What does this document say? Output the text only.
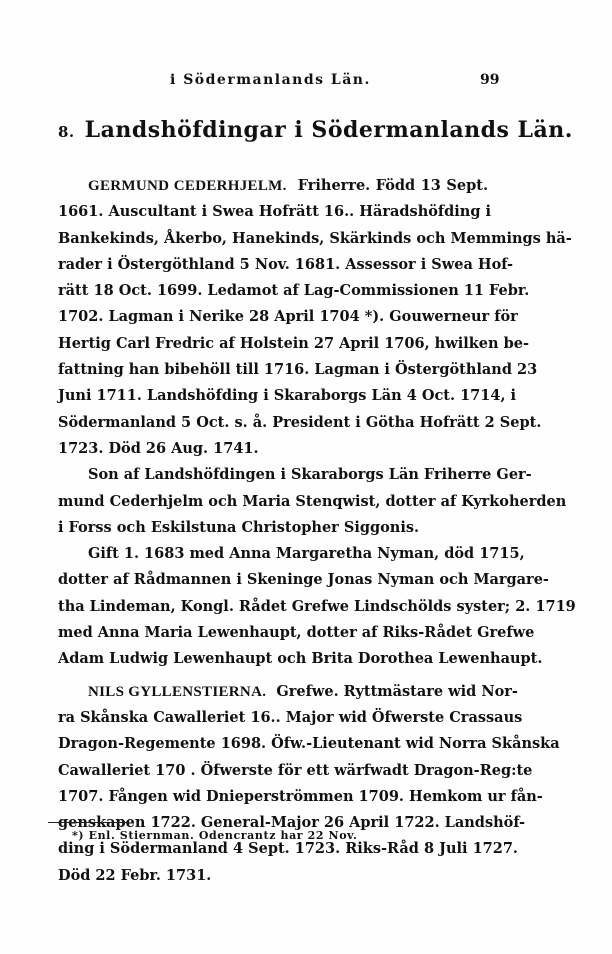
i Södermanlands Län.	99
8. Landshöfdingar i Södermanlands Län.
GERMUND CEDERHJELM. Friherre. Född 13 Sept.
1661. Auscultant i Swea Hofrätt 16.. Häradshöfding i
Bankekinds, Åkerbo, Hanekinds, Skärkinds och Memmings hä-
rader i Östergöthland 5 Nov. 1681. Assessor i Swea Hof-
rätt 18 Oct. 1699. Ledamot af Lag-Commissionen 11 Febr.
1702. Lagman i Nerike 28 April 1704 *). Gouwerneur för
Hertig Carl Fredric af Holstein 27 April 1706, hwilken be-
fattning han bibehöll till 1716. Lagman i Östergöthland 23
Juni 1711. Landshöfding i Skaraborgs Län 4 Oct. 1714, i
Södermanland 5 Oct. s. å. President i Götha Hofrätt 2 Sept.
1723. Död 26 Aug. 1741.
Son af Landshöfdingen i Skaraborgs Län Friherre Ger-
mund Cederhjelm och Maria Stenqwist, dotter af Kyrkoherden
i Forss och Eskilstuna Christopher Siggonis.
Gift 1. 1683 med Anna Margaretha Nyman, död 1715,
dotter af Rådmannen i Skeninge Jonas Nyman och Margare-
tha Lindeman, Kongl. Rådet Grefwe Lindschölds syster; 2. 1719
med Anna Maria Lewenhaupt, dotter af Riks-Rådet Grefwe
Adam Ludwig Lewenhaupt och Brita Dorothea Lewenhaupt.
NILS GYLLENSTIERNA. Grefwe. Ryttmästare wid Nor-
ra Skånska Cawalleriet 16.. Major wid Öfwerste Crassaus
Dragon-Regemente 1698. Öfw.-Lieutenant wid Norra Skånska
Cawalleriet 170 . Öfwerste för ett wärfwadt Dragon-Reg:te
1707. Fången wid Dnieperströmmen 1709. Hemkom ur fån-
genskapen 1722. General-Major 26 April 1722. Landshöf-
ding i Södermanland 4 Sept. 1723. Riks-Råd 8 Juli 1727.
Död 22 Febr. 1731.
*) Enl. Stiernman. Odencrantz har 22 Nov.
